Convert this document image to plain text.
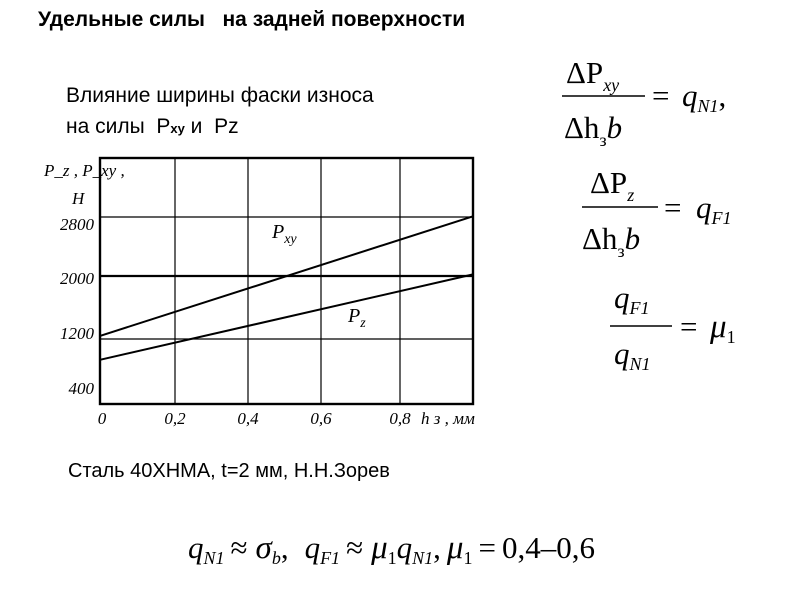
Удельные силы   на задней поверхности
Влияние ширины фаски износа
на силы  Pxy и  Pz
$\Delta P_{xy}$
$\Delta h_зb$
= qN1,
$\Delta P_z$
$\Delta h_зb$
= qF1
qF1
qN1
= μ1
qN1 ≈ σb, qF1 ≈ μ1qN1, μ1 = 0,4–0,6
2800
2000
1200
400
0	0,2	0,4	0,6	0,8 h з , мм
P_z , P_xy ,
H
$P_{xy}$
$P_z$
Сталь 40ХНМА, t=2 мм, Н.Н.Зорев
